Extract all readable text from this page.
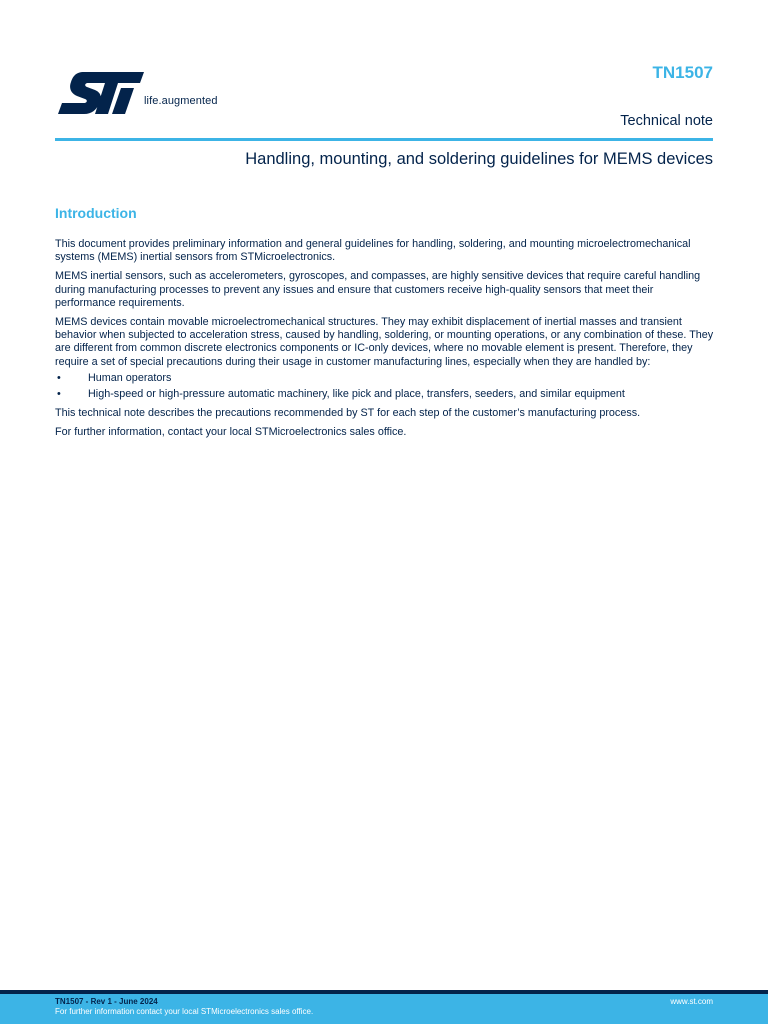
life.augmented
TN1507
Technical note
Handling, mounting, and soldering guidelines for MEMS devices
Introduction

This document provides preliminary information and general guidelines for handling, soldering, and mounting microelectromechanical systems (MEMS) inertial sensors from STMicroelectronics.

MEMS inertial sensors, such as accelerometers, gyroscopes, and compasses, are highly sensitive devices that require careful handling during manufacturing processes to prevent any issues and ensure that customers receive high-quality sensors that meet their performance requirements.

MEMS devices contain movable microelectromechanical structures. They may exhibit displacement of inertial masses and transient behavior when subjected to acceleration stress, caused by handling, soldering, or mounting operations, or any combination of these. They are different from common discrete electronics components or IC-only devices, where no movable element is present. Therefore, they require a set of special precautions during their usage in customer manufacturing lines, especially when they are handled by:

•	Human operators
•	High-speed or high-pressure automatic machinery, like pick and place, transfers, seeders, and similar equipment

This technical note describes the precautions recommended by ST for each step of the customer’s manufacturing process.

For further information, contact your local STMicroelectronics sales office.

TN1507 - Rev 1 - June 2024
For further information contact your local STMicroelectronics sales office.
www.st.com
